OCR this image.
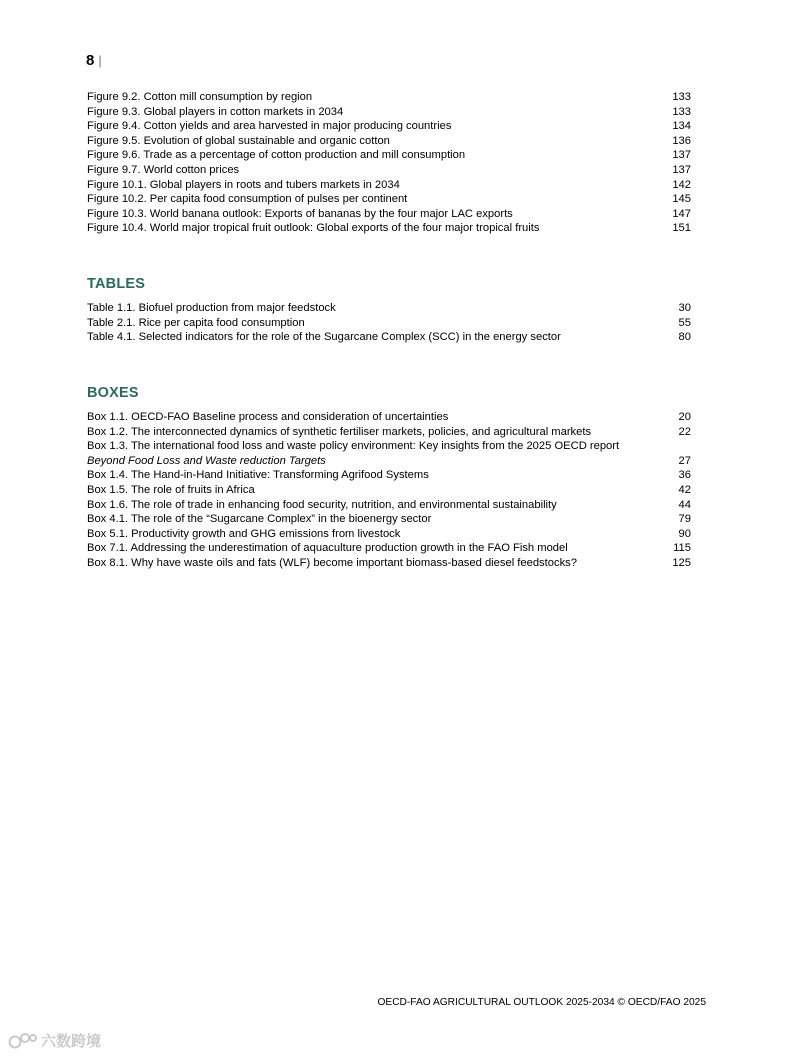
8 |
Figure 9.2. Cotton mill consumption by region	133
Figure 9.3. Global players in cotton markets in 2034	133
Figure 9.4. Cotton yields and area harvested in major producing countries	134
Figure 9.5. Evolution of global sustainable and organic cotton	136
Figure 9.6. Trade as a percentage of cotton production and mill consumption	137
Figure 9.7. World cotton prices	137
Figure 10.1. Global players in roots and tubers markets in 2034	142
Figure 10.2. Per capita food consumption of pulses per continent	145
Figure 10.3. World banana outlook: Exports of bananas by the four major LAC exports	147
Figure 10.4. World major tropical fruit outlook: Global exports of the four major tropical fruits	151
TABLES
Table 1.1. Biofuel production from major feedstock	30
Table 2.1. Rice per capita food consumption	55
Table 4.1. Selected indicators for the role of the Sugarcane Complex (SCC) in the energy sector	80
BOXES
Box 1.1. OECD-FAO Baseline process and consideration of uncertainties	20
Box 1.2. The interconnected dynamics of synthetic fertiliser markets, policies, and agricultural markets	22
Box 1.3. The international food loss and waste policy environment: Key insights from the 2025 OECD report
Beyond Food Loss and Waste reduction Targets	27
Box 1.4. The Hand-in-Hand Initiative: Transforming Agrifood Systems	36
Box 1.5. The role of fruits in Africa	42
Box 1.6. The role of trade in enhancing food security, nutrition, and environmental sustainability	44
Box 4.1. The role of the “Sugarcane Complex” in the bioenergy sector	79
Box 5.1. Productivity growth and GHG emissions from livestock	90
Box 7.1. Addressing the underestimation of aquaculture production growth in the FAO Fish model	115
Box 8.1. Why have waste oils and fats (WLF) become important biomass-based diesel feedstocks?	125
OECD-FAO AGRICULTURAL OUTLOOK 2025-2034 © OECD/FAO 2025
六数跨境
